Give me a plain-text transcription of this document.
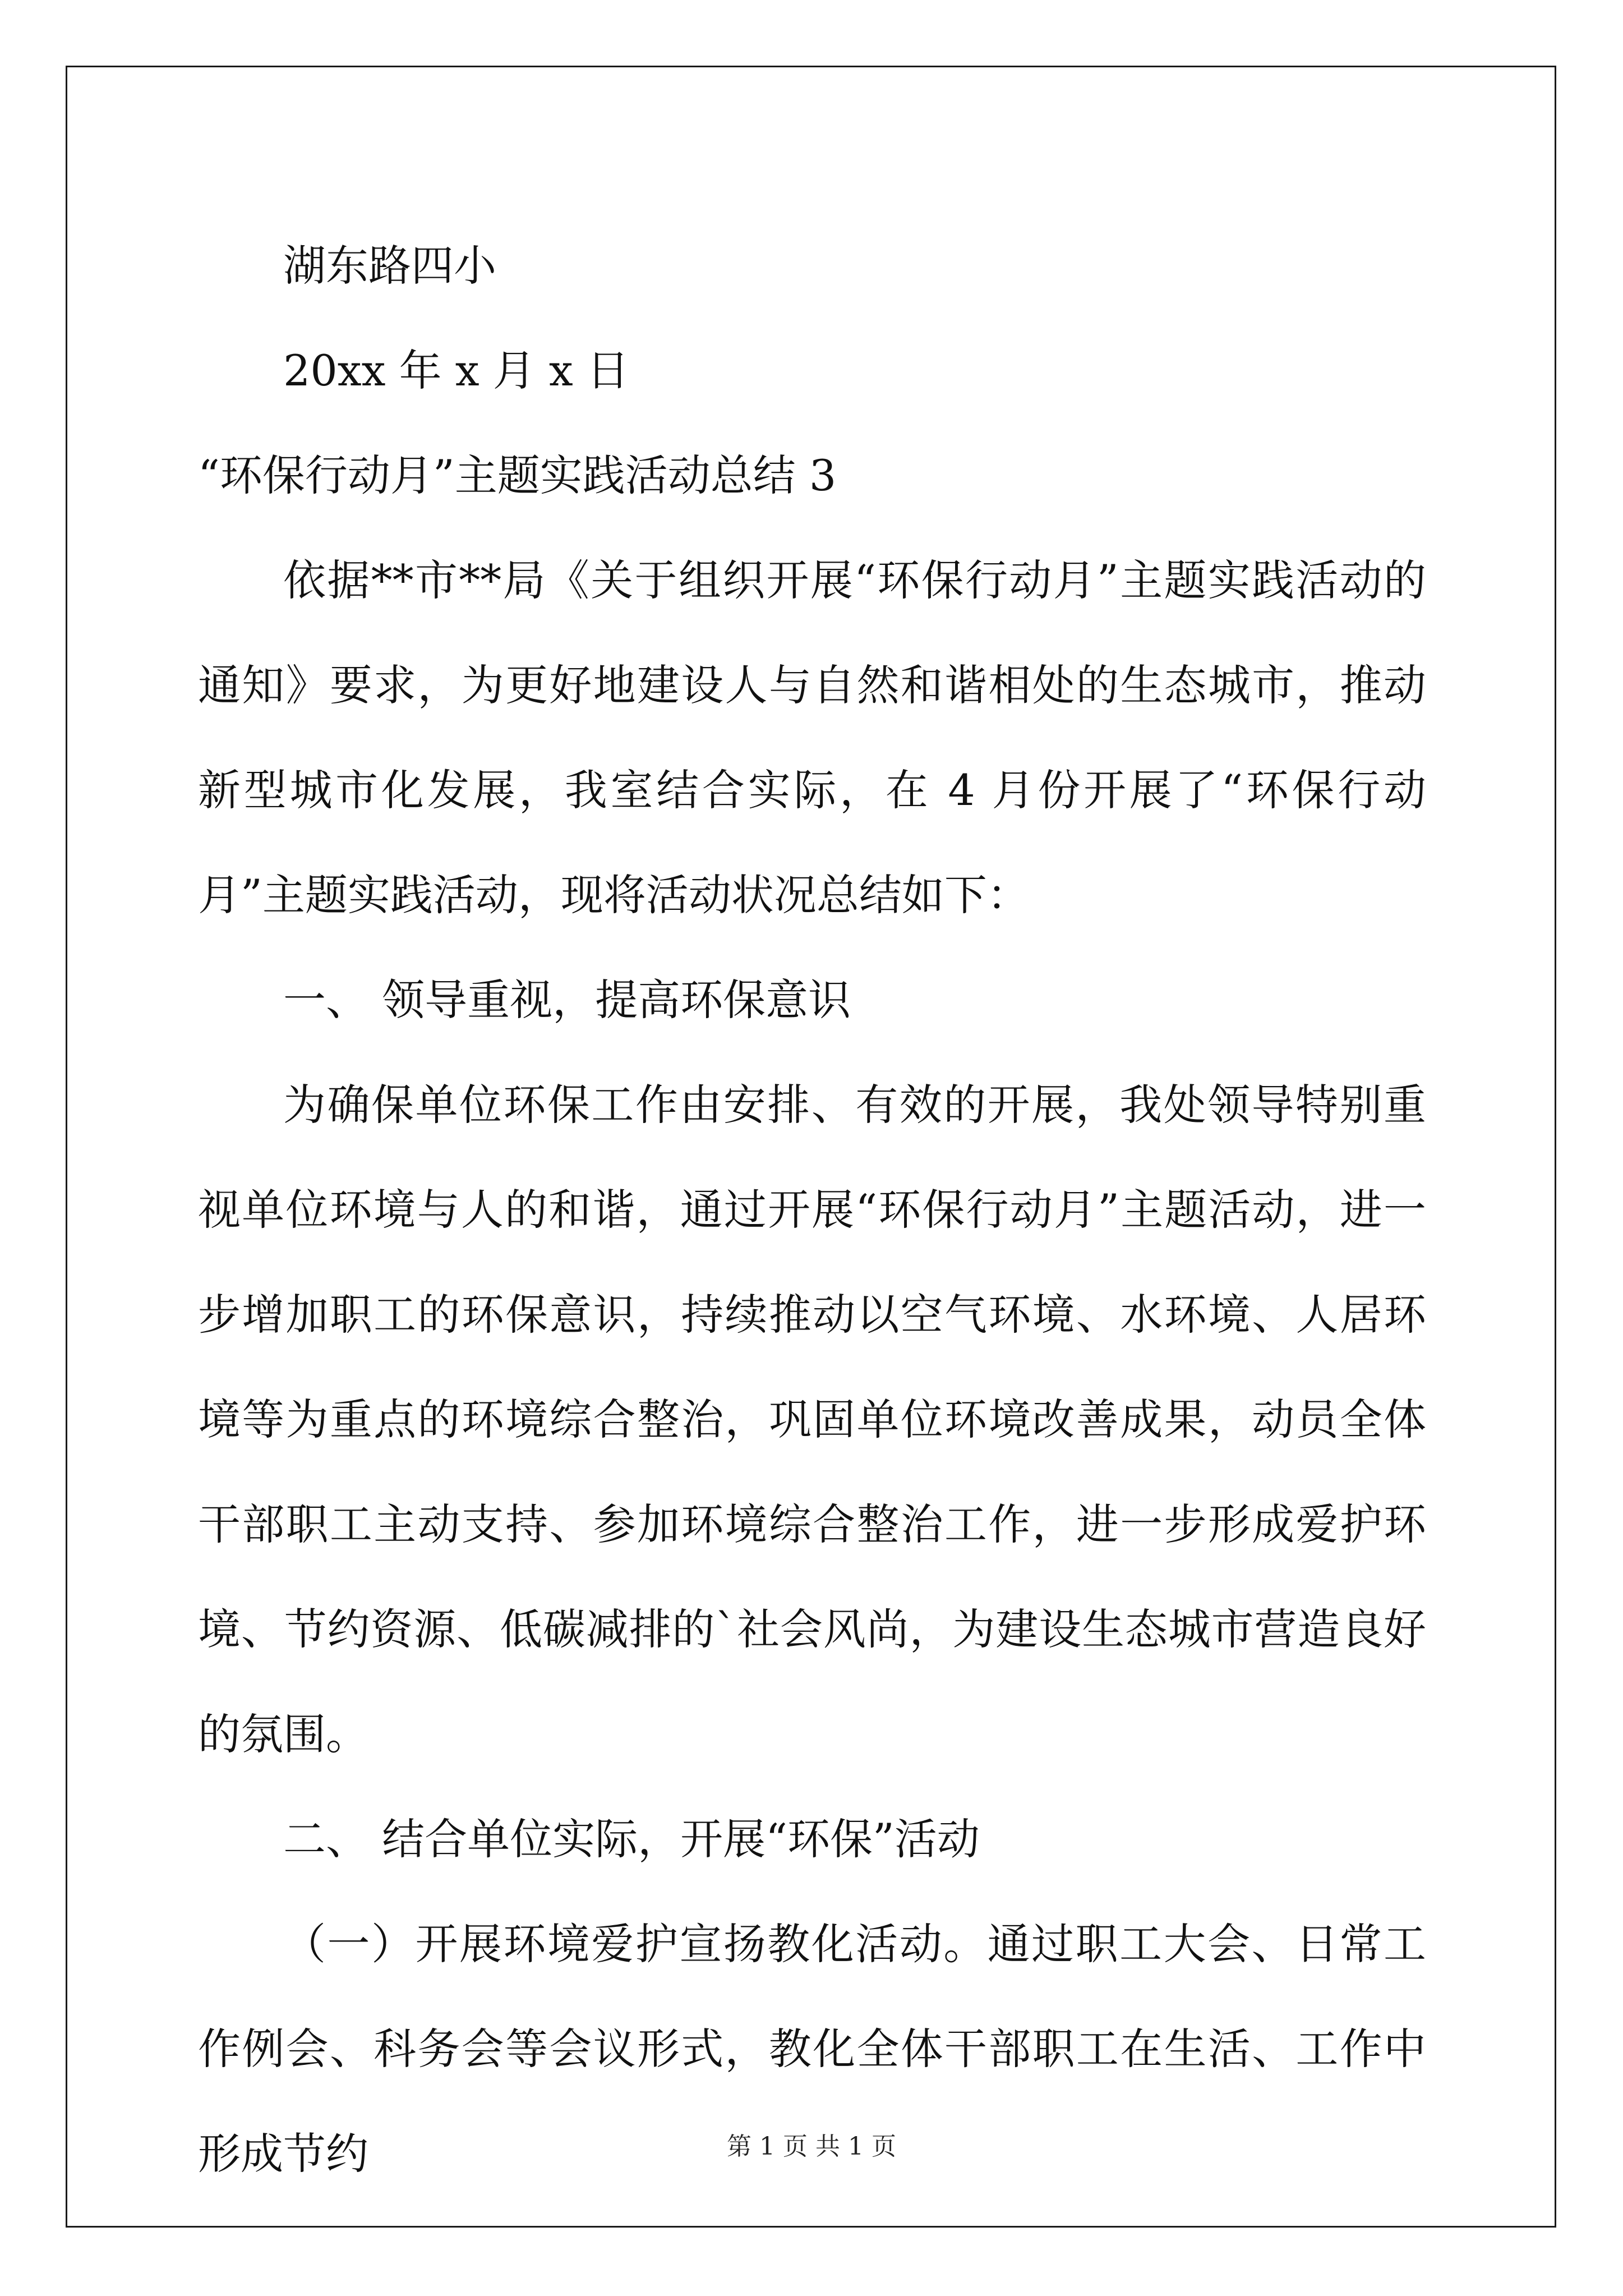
湖东路四小

20xx 年 x 月 x 日

“环保行动月”主题实践活动总结 3

依据**市**局《关于组织开展“环保行动月”主题实践活动的通知》要求，为更好地建设人与自然和谐相处的生态城市，推动新型城市化发展，我室结合实际，在 4 月份开展了“环保行动月”主题实践活动，现将活动状况总结如下：

一、 领导重视，提高环保意识

为确保单位环保工作由安排、有效的开展，我处领导特别重视单位环境与人的和谐，通过开展“环保行动月”主题活动，进一步增加职工的环保意识，持续推动以空气环境、水环境、人居环境等为重点的环境综合整治，巩固单位环境改善成果，动员全体干部职工主动支持、参加环境综合整治工作，进一步形成爱护环境、节约资源、低碳减排的`社会风尚，为建设生态城市营造良好的氛围。

二、 结合单位实际，开展“环保”活动

（一）开展环境爱护宣扬教化活动。通过职工大会、日常工作例会、科务会等会议形式，教化全体干部职工在生活、工作中形成节约	第 1 页 共 1 页
